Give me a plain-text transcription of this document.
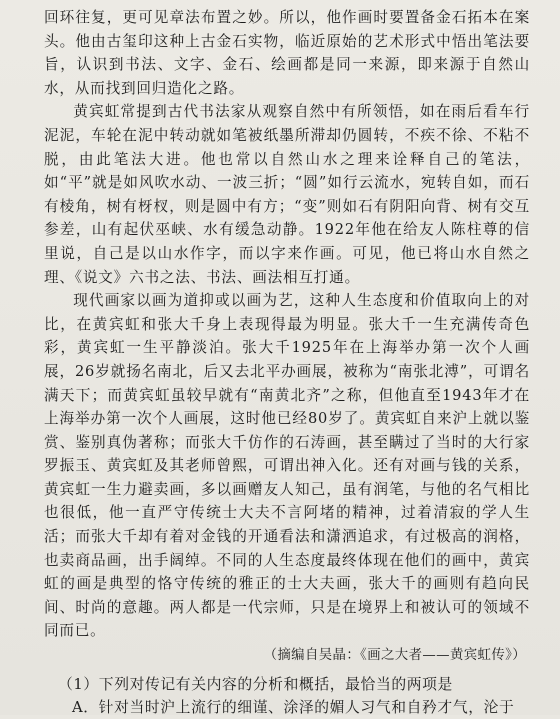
回环往复，更可见章法布置之妙。所以，他作画时要置备金石拓本在案头。他由古玺印这种上古金石实物，临近原始的艺术形式中悟出笔法要旨，认识到书法、文字、金石、绘画都是同一来源，即来源于自然山水，从而找到回归造化之路。

黄宾虹常提到古代书法家从观察自然中有所领悟，如在雨后看车行泥泥，车轮在泥中转动就如笔被纸墨所滞却仍圆转，不疾不徐、不粘不脱，由此笔法大进。他也常以自然山水之理来诠释自己的笔法，如“平”就是如风吹水动、一波三折；“圆”如行云流水，宛转自如，而石有棱角，树有枒杈，则是圆中有方；“变”则如石有阴阳向背、树有交互参差，山有起伏巫峡、水有缓急动静。1922年他在给友人陈柱尊的信里说，自己是以山水作字，而以字来作画。可见，他已将山水自然之理、《说文》六书之法、书法、画法相互打通。

现代画家以画为道抑或以画为艺，这种人生态度和价值取向上的对比，在黄宾虹和张大千身上表现得最为明显。张大千一生充满传奇色彩，黄宾虹一生平静淡泊。张大千1925年在上海举办第一次个人画展，26岁就扬名南北，后又去北平办画展，被称为“南张北溥”，可谓名满天下；而黄宾虹虽较早就有“南黄北齐”之称，但他直至1943年才在上海举办第一次个人画展，这时他已经80岁了。黄宾虹自来沪上就以鉴赏、鉴别真伪著称；而张大千仿作的石涛画，甚至瞒过了当时的大行家罗振玉、黄宾虹及其老师曾熙，可谓出神入化。还有对画与钱的关系，黄宾虹一生力避卖画，多以画赠友人知己，虽有润笔，与他的名气相比也很低，他一直严守传统士大夫不言阿堵的精神，过着清寂的学人生活；而张大千却有着对金钱的开通看法和潇洒追求，有过极高的润格，也卖商品画，出手阔绰。不同的人生态度最终体现在他们的画中，黄宾虹的画是典型的恪守传统的雅正的士大夫画，张大千的画则有趋向民间、时尚的意趣。两人都是一代宗师，只是在境界上和被认可的领域不同而已。

（摘编自吴晶：《画之大者——黄宾虹传》）

（1）下列对传记有关内容的分析和概括，最恰当的两项是

A．针对当时沪上流行的细谨、涂泽的媚人习气和自矜才气，沦于
